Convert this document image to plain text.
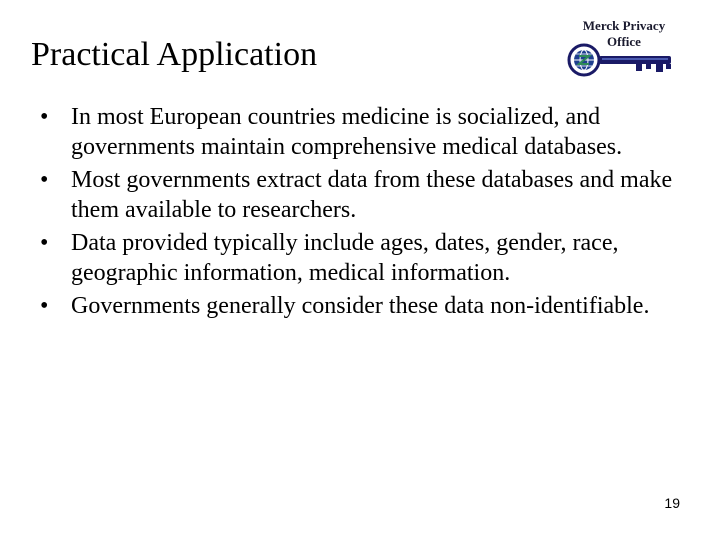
Practical Application
Merck Privacy
Office
• In most European countries medicine is socialized, and governments maintain comprehensive medical databases.
• Most governments extract data from these databases and make them available to researchers.
• Data provided typically include ages, dates, gender, race, geographic information, medical information.
• Governments generally consider these data non-identifiable.
19
